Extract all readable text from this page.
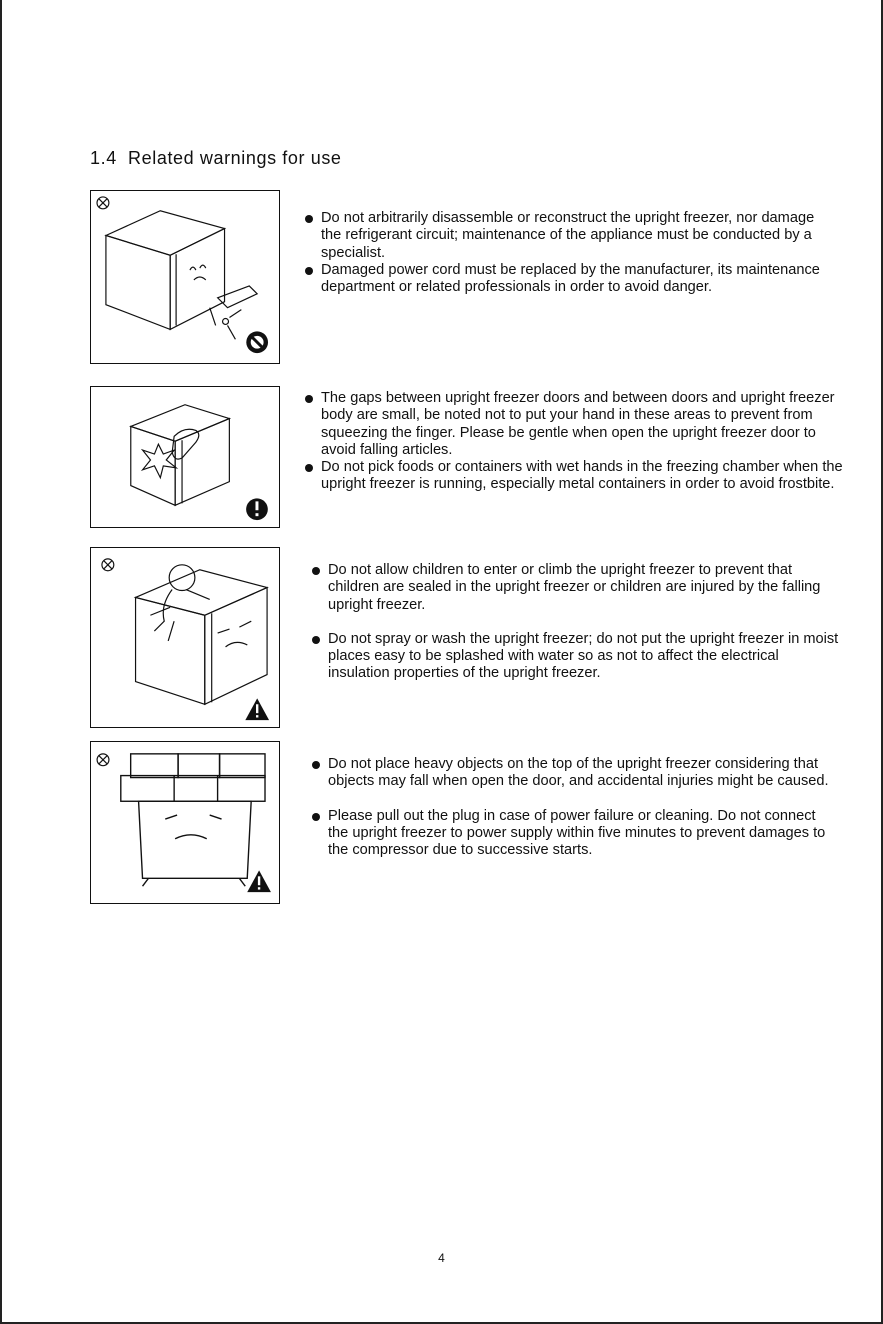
1.4 Related warnings for use
Do not arbitrarily disassemble or reconstruct the upright freezer, nor damage the refrigerant circuit; maintenance of the appliance must be conducted by a specialist.
Damaged power cord must be replaced by the manufacturer, its maintenance department or related professionals in order to avoid danger.
The gaps between upright freezer doors and between doors and upright freezer body are small, be noted not to put your hand in these areas to prevent from squeezing the finger. Please be gentle when open the upright freezer door to avoid falling articles.
Do not pick foods or containers with wet hands in the freezing chamber when the upright freezer is running, especially metal containers in order to avoid frostbite.
Do not allow children to enter or climb the upright freezer to prevent that children are sealed in the upright freezer or children are injured by the falling upright freezer.
Do not spray or wash the upright freezer; do not put the upright freezer in moist places easy to be splashed with water so as not to affect the electrical insulation properties of the upright freezer.
Do not place heavy objects on the top of the upright freezer considering that objects may fall when open the door, and accidental injuries might be caused.
Please pull out the plug in case of power failure or cleaning. Do not connect the upright freezer to power supply within five minutes to prevent damages to the compressor due to successive starts.
4
